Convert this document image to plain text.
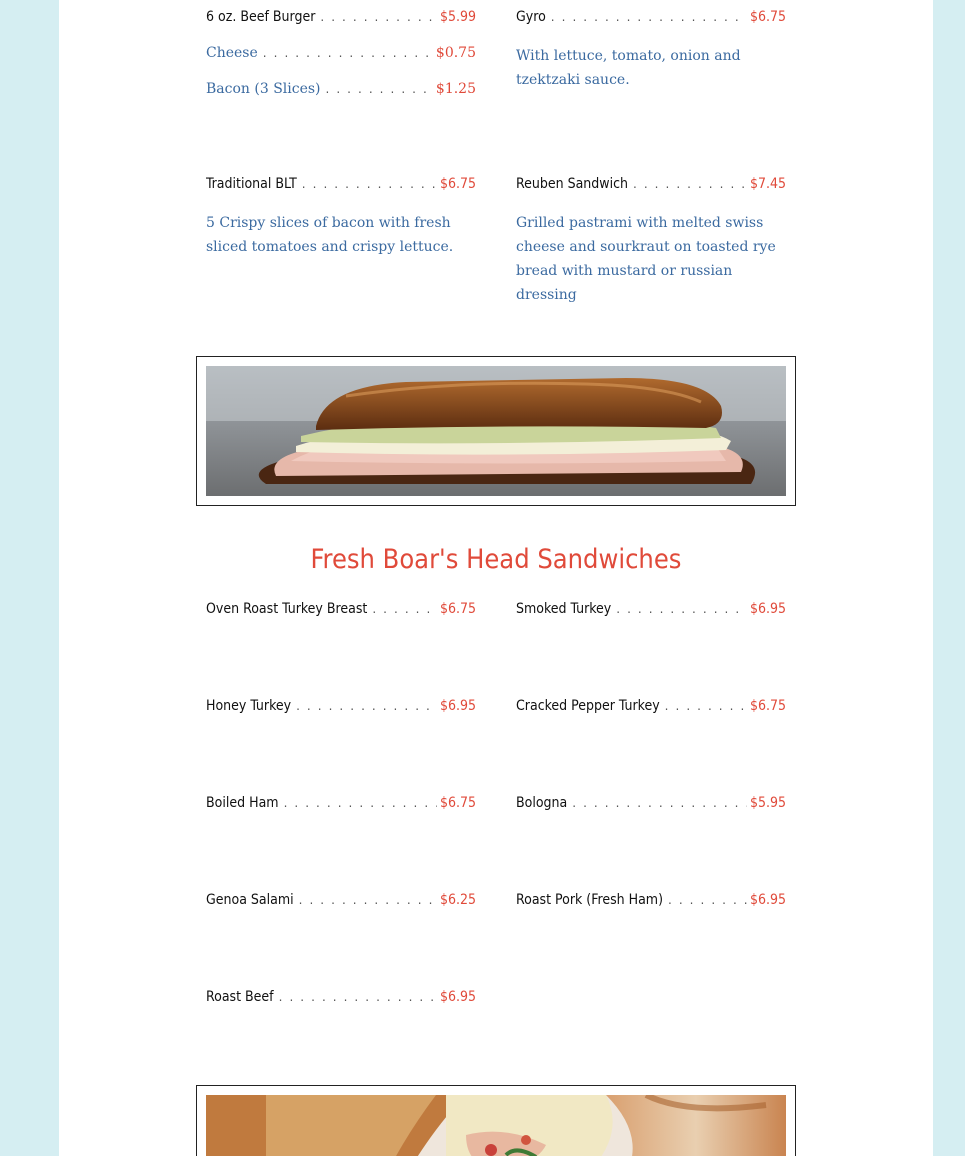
6 oz. Beef Burger . . .	$5.99
Cheese . . .	$0.75
Bacon (3 Slices) . . .	$1.25
Gyro . . .	$6.75
With lettuce, tomato, onion and tzektzaki sauce.
Traditional BLT . . .	$6.75
5 Crispy slices of bacon with fresh sliced tomatoes and crispy lettuce.
Reuben Sandwich . . .	$7.45
Grilled pastrami with melted swiss cheese and sourkraut on toasted rye bread with mustard or russian dressing
Fresh Boar's Head Sandwiches
Oven Roast Turkey Breast . . .	$6.75	Smoked Turkey . . .	$6.95
Honey Turkey . . .	$6.95	Cracked Pepper Turkey . . .	$6.75
Boiled Ham . . .	$6.75	Bologna . . .	$5.95
Genoa Salami . . .	$6.25	Roast Pork (Fresh Ham) . . .	$6.95
Roast Beef . . .	$6.95
